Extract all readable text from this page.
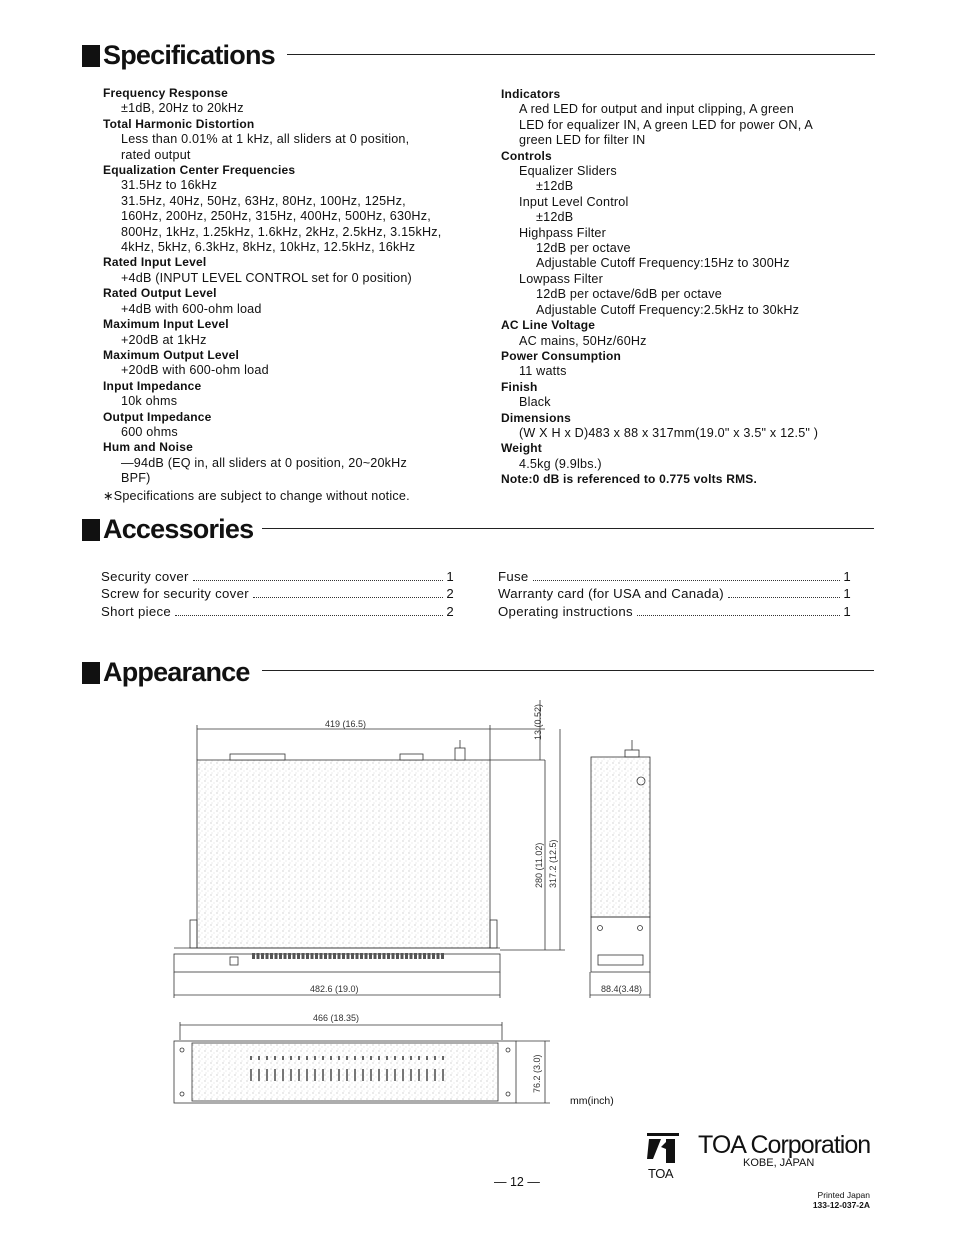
Specifications
Frequency Response
±1dB, 20Hz to 20kHz
Total Harmonic Distortion
Less than 0.01% at 1 kHz, all sliders at 0 position,
rated output
Equalization Center Frequencies
31.5Hz to 16kHz
31.5Hz, 40Hz, 50Hz, 63Hz, 80Hz, 100Hz, 125Hz,
160Hz, 200Hz, 250Hz, 315Hz, 400Hz, 500Hz, 630Hz,
800Hz, 1kHz, 1.25kHz, 1.6kHz, 2kHz, 2.5kHz, 3.15kHz,
4kHz, 5kHz, 6.3kHz, 8kHz, 10kHz, 12.5kHz, 16kHz
Rated Input Level
+4dB (INPUT LEVEL CONTROL set for 0 position)
Rated Output Level
+4dB with 600-ohm load
Maximum Input Level
+20dB at 1kHz
Maximum Output Level
+20dB with 600-ohm load
Input Impedance
10k ohms
Output Impedance
600 ohms
Hum and Noise
—94dB (EQ in, all sliders at 0 position, 20~20kHz
BPF)
∗Specifications are subject to change without notice.
Indicators
A red LED for output and input clipping, A green
LED for equalizer IN, A green LED for power ON, A
green LED for filter IN
Controls
Equalizer Sliders
±12dB
Input Level Control
±12dB
Highpass Filter
12dB per octave
Adjustable Cutoff Frequency:15Hz to 300Hz
Lowpass Filter
12dB per octave/6dB per octave
Adjustable Cutoff Frequency:2.5kHz to 30kHz
AC Line Voltage
AC mains, 50Hz/60Hz
Power Consumption
11 watts
Finish
Black
Dimensions
(W X H x D)483 x 88 x 317mm(19.0" x 3.5" x 12.5" )
Weight
4.5kg (9.9lbs.)
Note:0 dB is referenced to 0.775 volts RMS.
Accessories
Security cover	1
Screw for security cover	2
Short piece	2
Fuse	1
Warranty card (for USA and Canada)	1
Operating instructions	1
Appearance
419 (16.5)	13 (0.52)
280 (11.02) 317.2 (12.5)
482.6 (19.0)	88.4(3.48)
466 (18.35)
76.2 (3.0)
mm(inch)
— 12 —
TOA Corporation
KOBE, JAPAN
TOA
Printed Japan
133-12-037-2A
